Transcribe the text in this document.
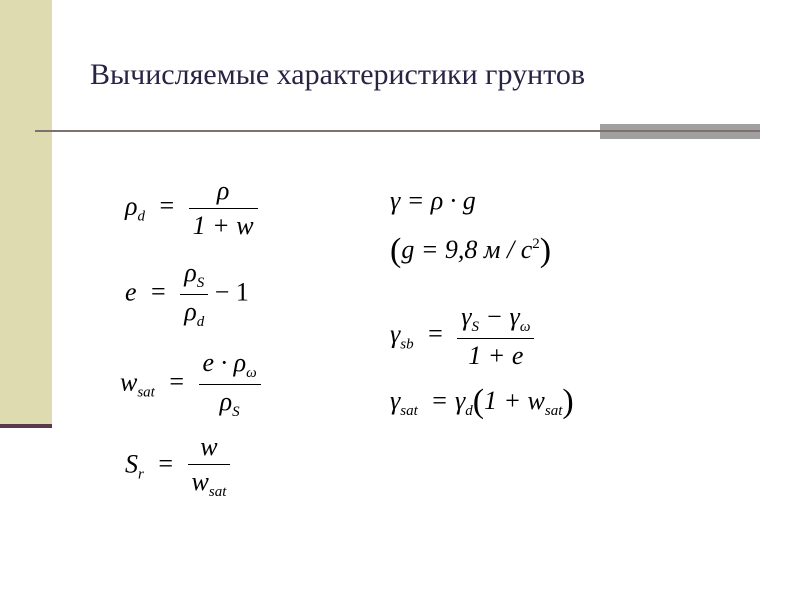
Вычисляемые характеристики грунтов
$\rho_d = \frac{\rho}{1 + w}$
$e = \frac{\rho_S}{\rho_d} - 1$
$w_{sat} = \frac{e \cdot \rho_\omega}{\rho_S}$
$S_r = \frac{w}{w_{sat}}$
γ = ρ · g
(g = 9,8 м / $с^2$)
$\gamma_{sb} = \frac{\gamma_S - \gamma_\omega}{1 + e}$
$\gamma_{sat} = \gamma_d(1 + w_{sat})$
